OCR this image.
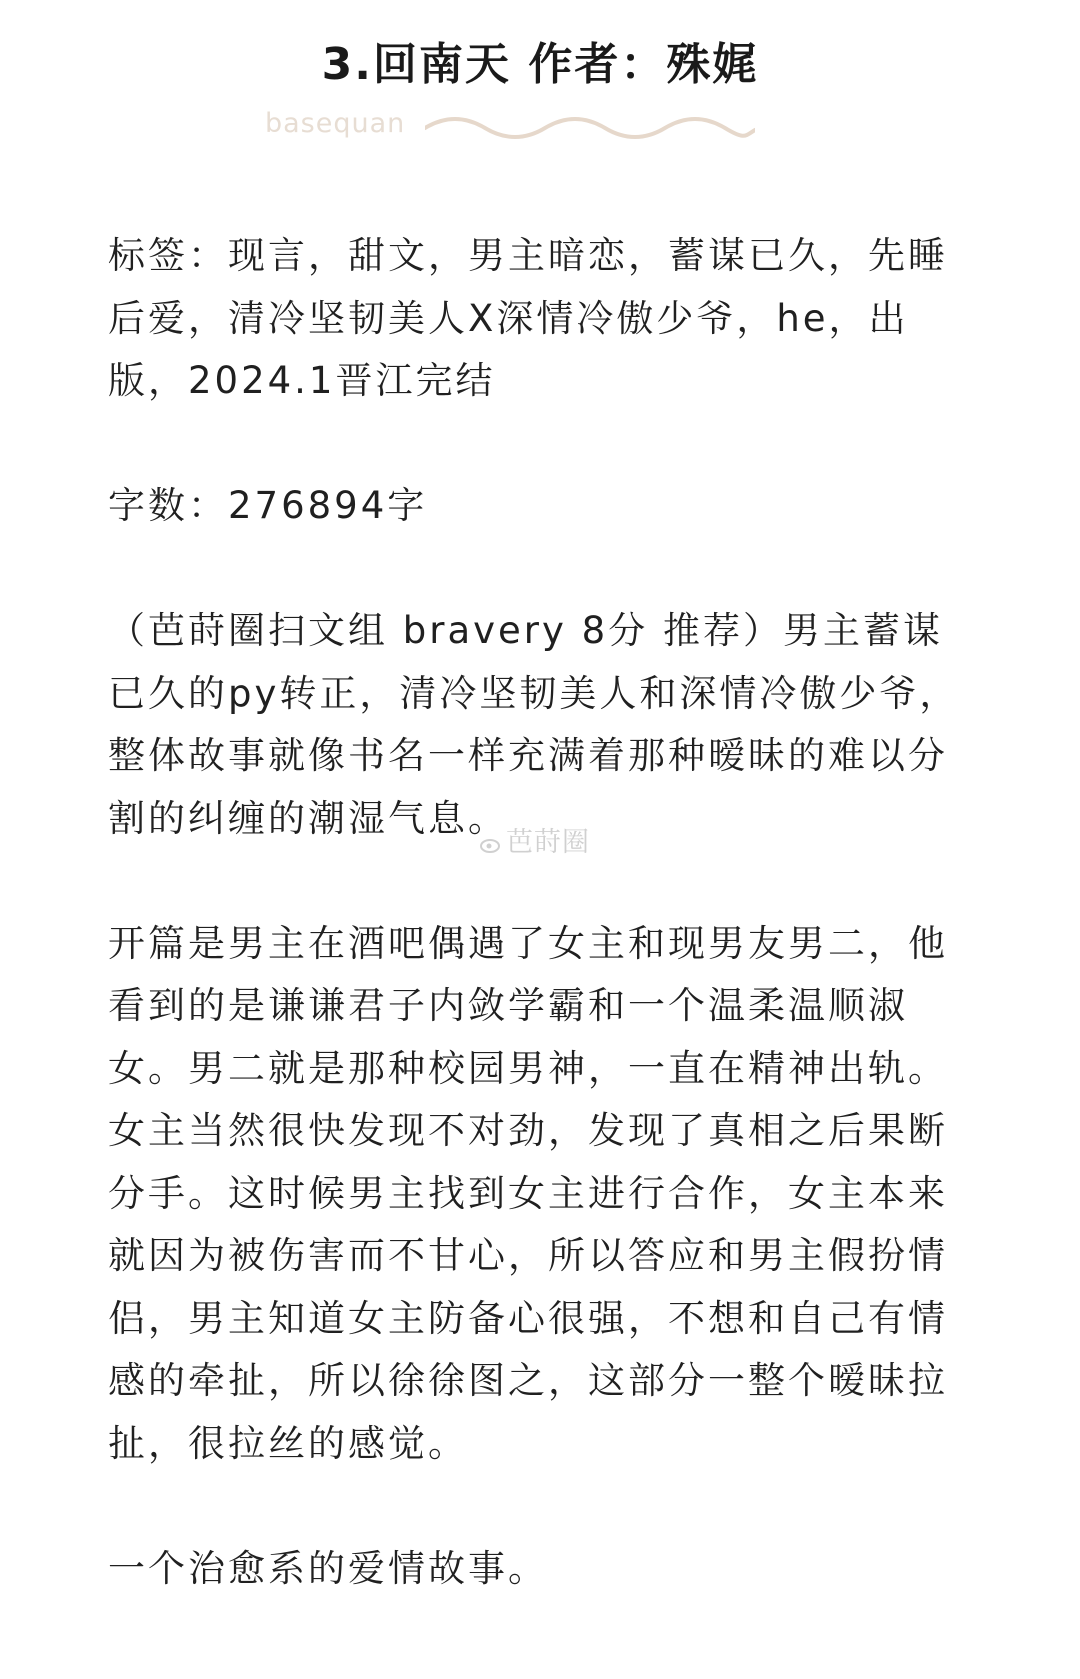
3.回南天 作者：殊娓
basequan

标签：现言，甜文，男主暗恋，蓄谋已久，先睡后爱，清冷坚韧美人X深情冷傲少爷，he，出版，2024.1晋江完结

字数：276894字

（芭莳圈扫文组 bravery 8分 推荐）男主蓄谋已久的py转正，清冷坚韧美人和深情冷傲少爷，整体故事就像书名一样充满着那种暧昧的难以分割的纠缠的潮湿气息。

开篇是男主在酒吧偶遇了女主和现男友男二，他看到的是谦谦君子内敛学霸和一个温柔温顺淑女。男二就是那种校园男神，一直在精神出轨。女主当然很快发现不对劲，发现了真相之后果断分手。这时候男主找到女主进行合作，女主本来就因为被伤害而不甘心，所以答应和男主假扮情侣，男主知道女主防备心很强，不想和自己有情感的牵扯，所以徐徐图之，这部分一整个暧昧拉扯，很拉丝的感觉。

一个治愈系的爱情故事。

芭莳圈
